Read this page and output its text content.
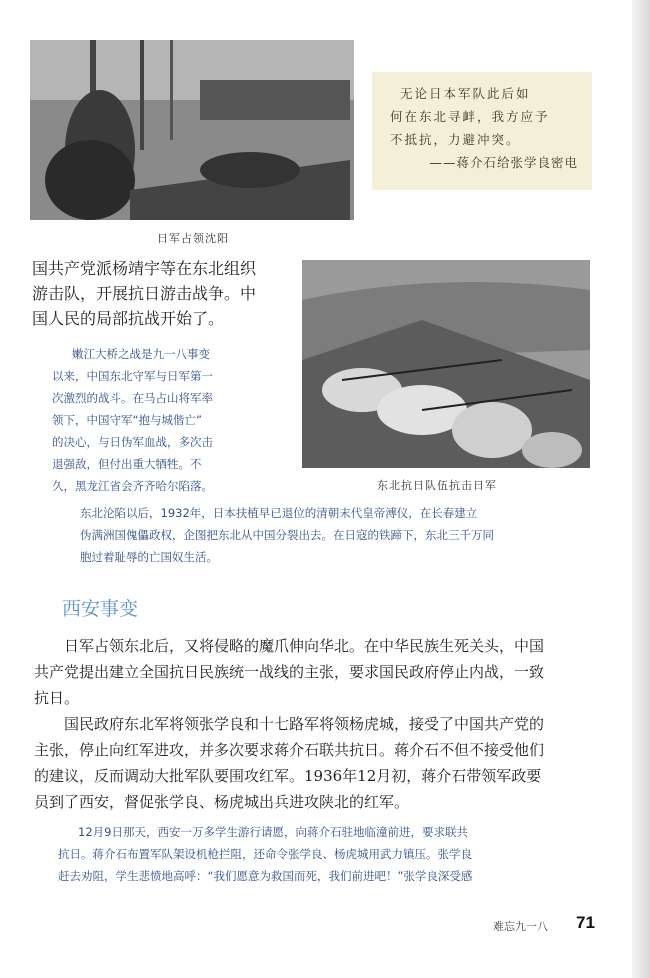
日军占领沈阳

无论日本军队此后如

何在东北寻衅，我方应予

不抵抗，力避冲突。

——蒋介石给张学良密电

国共产党派杨靖宇等在东北组织

游击队，开展抗日游击战争。中

国人民的局部抗战开始了。

嫩江大桥之战是九一八事变

以来，中国东北守军与日军第一

次激烈的战斗。在马占山将军率

领下，中国守军“抱与城偕亡”

的决心，与日伪军血战，多次击

退强敌，但付出重大牺牲。不

久，黑龙江省会齐齐哈尔陷落。	东北抗日队伍抗击日军

东北沦陷以后，1932年，日本扶植早已退位的清朝末代皇帝溥仪，在长春建立

伪满洲国傀儡政权，企图把东北从中国分裂出去。在日寇的铁蹄下，东北三千万同

胞过着耻辱的亡国奴生活。

西安事变

日军占领东北后，又将侵略的魔爪伸向华北。在中华民族生死关头，中国

共产党提出建立全国抗日民族统一战线的主张，要求国民政府停止内战，一致

抗日。

国民政府东北军将领张学良和十七路军将领杨虎城，接受了中国共产党的

主张，停止向红军进攻，并多次要求蒋介石联共抗日。蒋介石不但不接受他们

的建议，反而调动大批军队要围攻红军。1936年12月初，蒋介石带领军政要

员到了西安，督促张学良、杨虎城出兵进攻陕北的红军。

12月9日那天，西安一万多学生游行请愿，向蒋介石驻地临潼前进，要求联共

抗日。蒋介石布置军队架设机枪拦阻，还命令张学良、杨虎城用武力镇压。张学良

赶去劝阻，学生悲愤地高呼：“我们愿意为救国而死，我们前进吧！”张学良深受感

难忘九一八 71
